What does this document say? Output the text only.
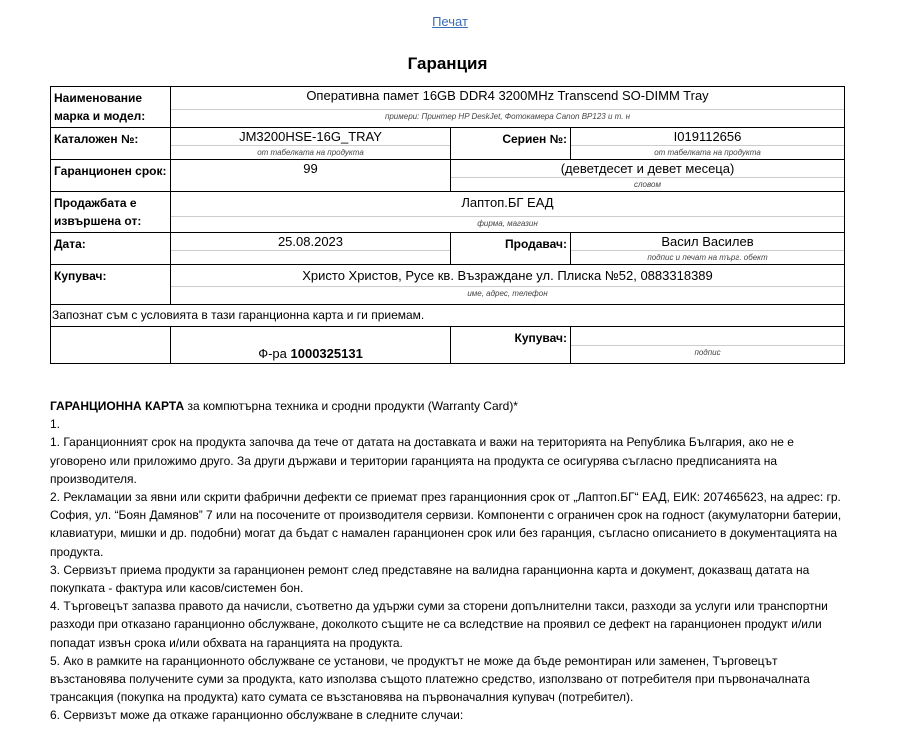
Печат
Гаранция
Наименование
марка и модел:	Оперативна памет 16GB DDR4 3200MHz Transcend SO-DIMM Tray		
	примери: Принтер HP DeskJet, Фотокамера Canon BP123 и т. н		
Каталожен №:	JM3200HSE-16G_TRAY	Сериен №:	I019112656
	от табелката на продукта		от табелката на продукта
Гаранционен срок:	99	(деветдесет и девет месеца)	
		словом	
Продажбата е
извършена от:	Лаптоп.БГ ЕАД		
	фирма, магазин		
Дата:	25.08.2023	Продавач:	Васил Василев
			подпис и печат на търг. обект
Купувач:	Христо Христов, Русе кв. Възраждане ул. Плиска №52, 0883318389		
	име, адрес, телефон		
Запознат съм с условията в тази гаранционна карта и ги приемам.			
	Ф-ра 1000325131	Купувач:	
			подпис

ГАРАНЦИОННА КАРТА за компютърна техника и сродни продукти (Warranty Card)*

1.

1. Гаранционният срок на продукта започва да тече от датата на доставката и важи на територията на Република България, ако не е уговорено или приложимо друго. За други държави и територии гаранцията на продукта се осигурява съгласно предписанията на производителя.

2. Рекламации за явни или скрити фабрични дефекти се приемат през гаранционния срок от „Лаптоп.БГ“ ЕАД, ЕИК: 207465623, на адрес: гр. София, ул. “Боян Дамянов” 7 или на посочените от производителя сервизи. Компоненти с ограничен срок на годност (акумулаторни батерии, клавиатури, мишки и др. подобни) могат да бъдат с намален гаранционен срок или без гаранция, съгласно описанието в документацията на продукта.

3. Сервизът приема продукти за гаранционен ремонт след представяне на валидна гаранционна карта и документ, доказващ датата на покупката - фактура или касов/системен бон.

4. Търговецът запазва правото да начисли, съответно да удържи суми за сторени допълнителни такси, разходи за услуги или транспортни разходи при отказано гаранционно обслужване, доколкото същите не са вследствие на проявил се дефект на гаранционен продукт и/или попадат извън срока и/или обхвата на гаранцията на продукта.

5. Ако в рамките на гаранционното обслужване се установи, че продуктът не може да бъде ремонтиран или заменен, Търговецът възстановява получените суми за продукта, като използва същото платежно средство, използвано от потребителя при първоначалната трансакция (покупка на продукта) като сумата се възстановява на първоначалния купувач (потребител).

6. Сервизът може да откаже гаранционно обслужване в следните случаи:
